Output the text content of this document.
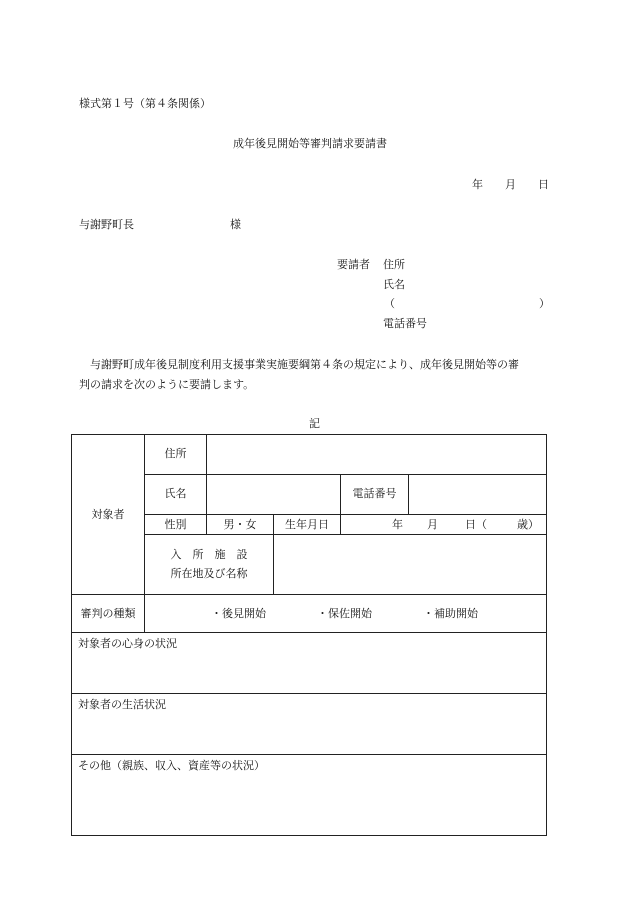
様式第１号（第４条関係）
成年後見開始等審判請求要請書
年 月 日
与謝野町長	様
要請者 住所
氏名
（	）
電話番号
与謝野町成年後見制度利用支援事業実施要綱第４条の規定により、成年後見開始等の審
判の請求を次のように要請します。
記
対象者	住所				
	氏名			電話番号	
	性別	男・女	生年月日	年 月 日（ 歳）	

	入　所　施　設
所在地及び名称				

審判の種類	・後見開始 ・保佐開始 ・補助開始				

対象者の心身の状況					
対象者の生活状況					
その他（親族、収入、資産等の状況）					
